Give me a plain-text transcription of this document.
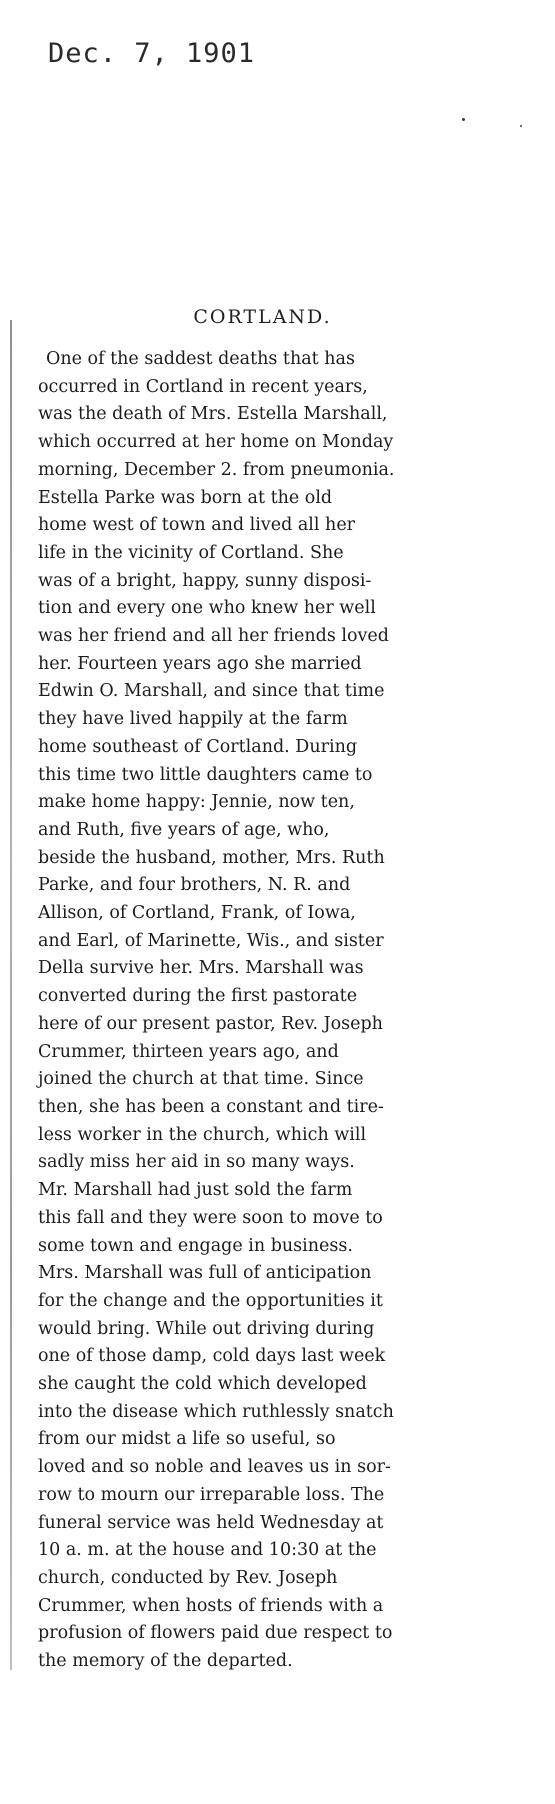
Dec. 7, 1901
CORTLAND.
One of the saddest deaths that has
occurred in Cortland in recent years,
was the death of Mrs. Estella Marshall,
which occurred at her home on Monday
morning, December 2. from pneumonia.
Estella Parke was born at the old
home west of town and lived all her
life in the vicinity of Cortland. She
was of a bright, happy, sunny disposi-
tion and every one who knew her well
was her friend and all her friends loved
her. Fourteen years ago she married
Edwin O. Marshall, and since that time
they have lived happily at the farm
home southeast of Cortland. During
this time two little daughters came to
make home happy: Jennie, now ten,
and Ruth, five years of age, who,
beside the husband, mother, Mrs. Ruth
Parke, and four brothers, N. R. and
Allison, of Cortland, Frank, of Iowa,
and Earl, of Marinette, Wis., and sister
Della survive her. Mrs. Marshall was
converted during the first pastorate
here of our present pastor, Rev. Joseph
Crummer, thirteen years ago, and
joined the church at that time. Since
then, she has been a constant and tire-
less worker in the church, which will
sadly miss her aid in so many ways.
Mr. Marshall had just sold the farm
this fall and they were soon to move to
some town and engage in business.
Mrs. Marshall was full of anticipation
for the change and the opportunities it
would bring. While out driving during
one of those damp, cold days last week
she caught the cold which developed
into the disease which ruthlessly snatch
from our midst a life so useful, so
loved and so noble and leaves us in sor-
row to mourn our irreparable loss. The
funeral service was held Wednesday at
10 a. m. at the house and 10:30 at the
church, conducted by Rev. Joseph
Crummer, when hosts of friends with a
profusion of flowers paid due respect to
the memory of the departed.
